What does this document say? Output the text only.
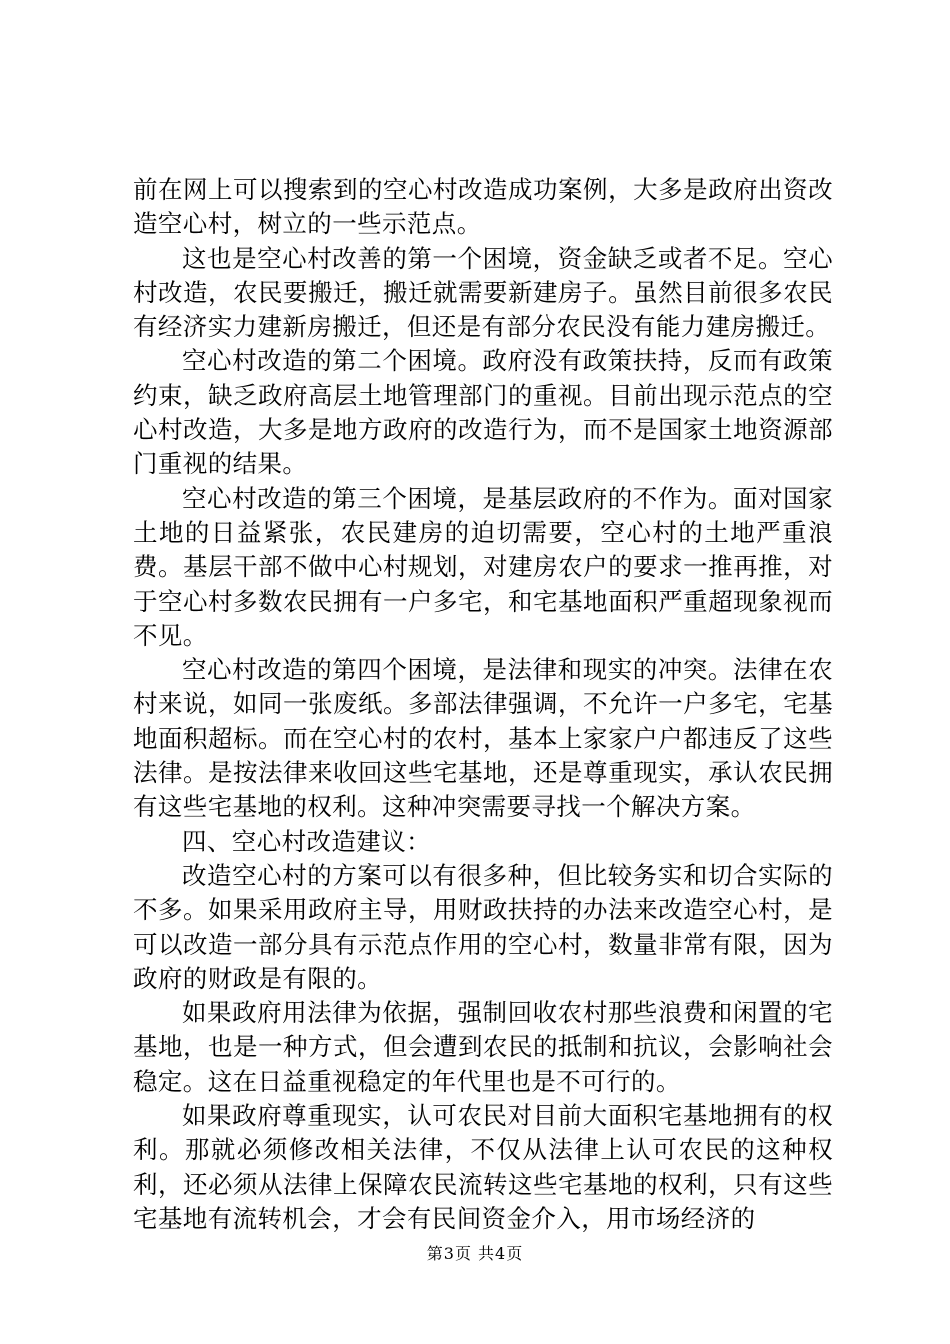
前在网上可以搜索到的空心村改造成功案例，大多是政府出资改造空心村，树立的一些示范点。

这也是空心村改善的第一个困境，资金缺乏或者不足。空心村改造，农民要搬迁，搬迁就需要新建房子。虽然目前很多农民有经济实力建新房搬迁，但还是有部分农民没有能力建房搬迁。

空心村改造的第二个困境。政府没有政策扶持，反而有政策约束，缺乏政府高层土地管理部门的重视。目前出现示范点的空心村改造，大多是地方政府的改造行为，而不是国家土地资源部门重视的结果。

空心村改造的第三个困境，是基层政府的不作为。面对国家土地的日益紧张，农民建房的迫切需要，空心村的土地严重浪费。基层干部不做中心村规划，对建房农户的要求一推再推，对于空心村多数农民拥有一户多宅，和宅基地面积严重超现象视而不见。

空心村改造的第四个困境，是法律和现实的冲突。法律在农村来说，如同一张废纸。多部法律强调，不允许一户多宅，宅基地面积超标。而在空心村的农村，基本上家家户户都违反了这些法律。是按法律来收回这些宅基地，还是尊重现实，承认农民拥有这些宅基地的权利。这种冲突需要寻找一个解决方案。

四、空心村改造建议：

改造空心村的方案可以有很多种，但比较务实和切合实际的不多。如果采用政府主导，用财政扶持的办法来改造空心村，是可以改造一部分具有示范点作用的空心村，数量非常有限，因为政府的财政是有限的。

如果政府用法律为依据，强制回收农村那些浪费和闲置的宅基地，也是一种方式，但会遭到农民的抵制和抗议，会影响社会稳定。这在日益重视稳定的年代里也是不可行的。

如果政府尊重现实，认可农民对目前大面积宅基地拥有的权利。那就必须修改相关法律，不仅从法律上认可农民的这种权利，还必须从法律上保障农民流转这些宅基地的权利，只有这些宅基地有流转机会，才会有民间资金介入，用市场经济的

第3页 共4页
